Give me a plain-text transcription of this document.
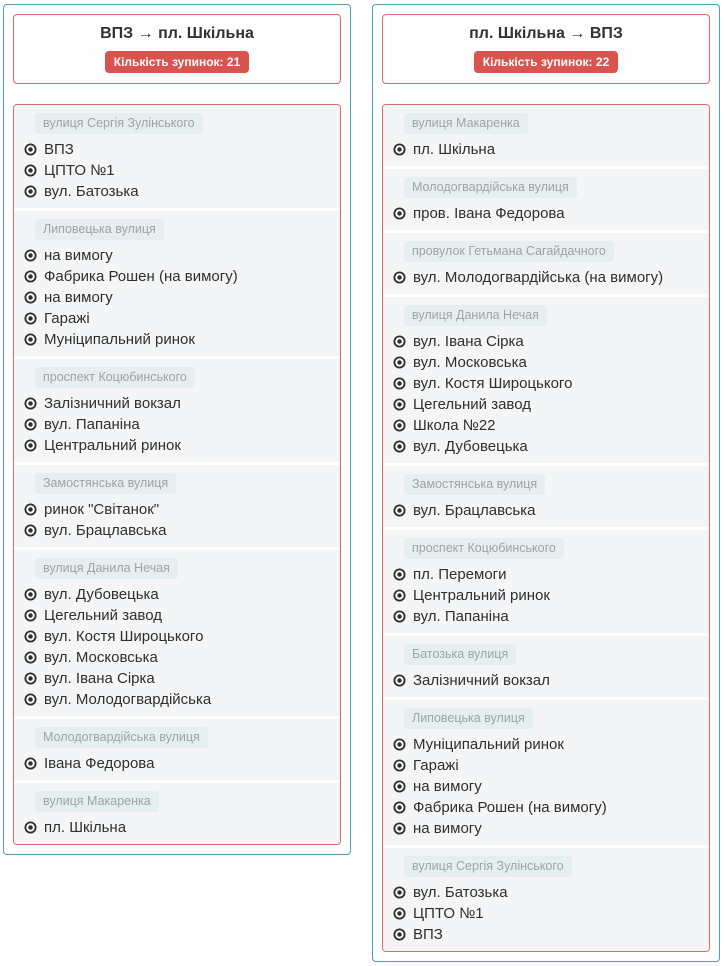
ВПЗ → пл. Шкільна
Кількість зупинок: 21
вулиця Сергія Зулінського
ВПЗ
ЦПТО №1
вул. Батозька
Липовецька вулиця
на вимогу
Фабрика Рошен (на вимогу)
на вимогу
Гаражі
Муніципальний ринок
проспект Коцюбинського
Залізничний вокзал
вул. Папаніна
Центральний ринок
Замостянська вулиця
ринок "Світанок"
вул. Брацлавська
вулиця Данила Нечая
вул. Дубовецька
Цегельний завод
вул. Костя Широцького
вул. Московська
вул. Івана Сірка
вул. Молодогвардійська
Молодогвардійська вулиця
Івана Федорова
вулиця Макаренка
пл. Шкільна
пл. Шкільна → ВПЗ
Кількість зупинок: 22
вулиця Макаренка
пл. Шкільна
Молодогвардійська вулиця
пров. Івана Федорова
провулок Гетьмана Сагайдачного
вул. Молодогвардійська (на вимогу)
вулиця Данила Нечая
вул. Івана Сірка
вул. Московська
вул. Костя Широцького
Цегельний завод
Школа №22
вул. Дубовецька
Замостянська вулиця
вул. Брацлавська
проспект Коцюбинського
пл. Перемоги
Центральний ринок
вул. Папаніна
Батозька вулиця
Залізничний вокзал
Липовецька вулиця
Муніципальний ринок
Гаражі
на вимогу
Фабрика Рошен (на вимогу)
на вимогу
вулиця Сергія Зулінського
вул. Батозька
ЦПТО №1
ВПЗ
